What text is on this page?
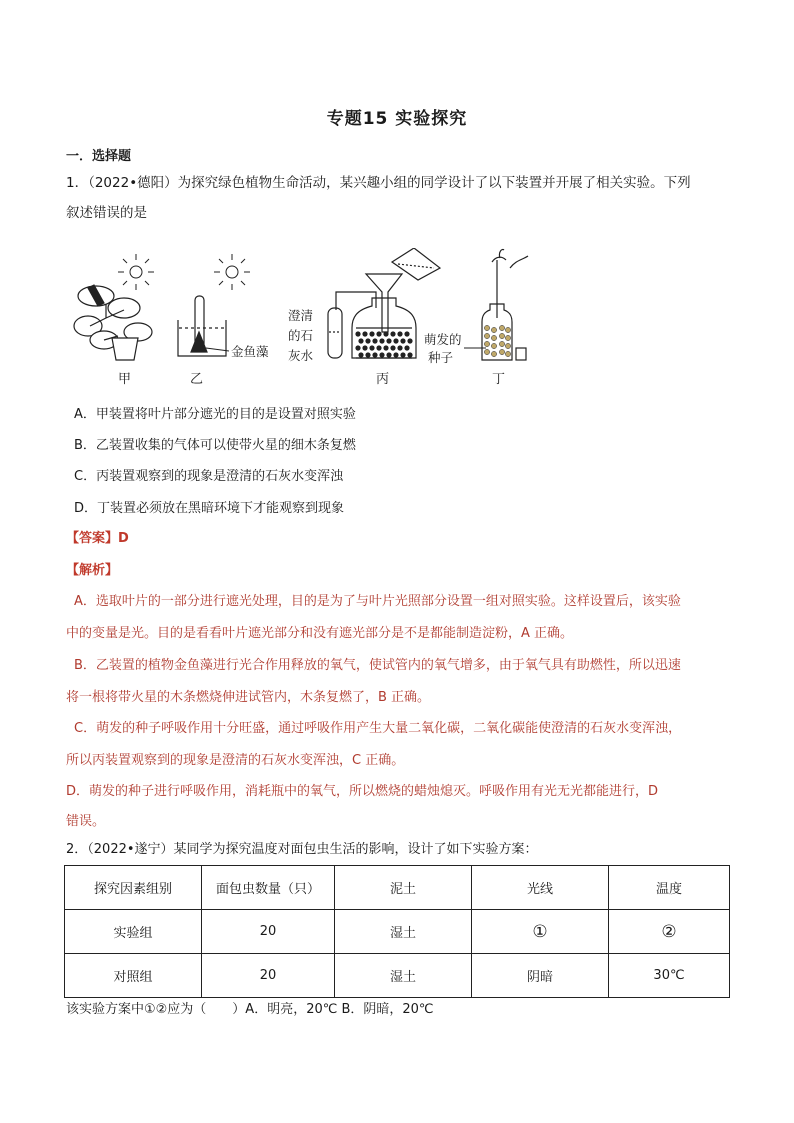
专题15 实验探究
一．选择题
1．（2022•德阳）为探究绿色植物生命活动，某兴趣小组的同学设计了以下装置并开展了相关实验。下列
叙述错误的是
甲
金鱼藻
乙
澄清
的石
灰水
丙
萌发的
种子
丁
A．甲装置将叶片部分遮光的目的是设置对照实验
B．乙装置收集的气体可以使带火星的细木条复燃
C．丙装置观察到的现象是澄清的石灰水变浑浊
D．丁装置必须放在黑暗环境下才能观察到现象
【答案】D
【解析】
A．选取叶片的一部分进行遮光处理，目的是为了与叶片光照部分设置一组对照实验。这样设置后，该实验
中的变量是光。目的是看看叶片遮光部分和没有遮光部分是不是都能制造淀粉，A 正确。
B．乙装置的植物金鱼藻进行光合作用释放的氧气，使试管内的氧气增多，由于氧气具有助燃性，所以迅速
将一根将带火星的木条燃烧伸进试管内，木条复燃了，B 正确。
C．萌发的种子呼吸作用十分旺盛，通过呼吸作用产生大量二氧化碳，二氧化碳能使澄清的石灰水变浑浊，
所以丙装置观察到的现象是澄清的石灰水变浑浊，C 正确。
D．萌发的种子进行呼吸作用，消耗瓶中的氧气，所以燃烧的蜡烛熄灭。呼吸作用有光无光都能进行，D
错误。
2．（2022•遂宁）某同学为探究温度对面包虫生活的影响，设计了如下实验方案：
探究因素组别	面包虫数量（只）	泥土	光线	温度
实验组	20	湿土	①	②
对照组	20	湿土	阴暗	30℃
该实验方案中①②应为（　　）A．明亮，20℃ B．阴暗，20℃
